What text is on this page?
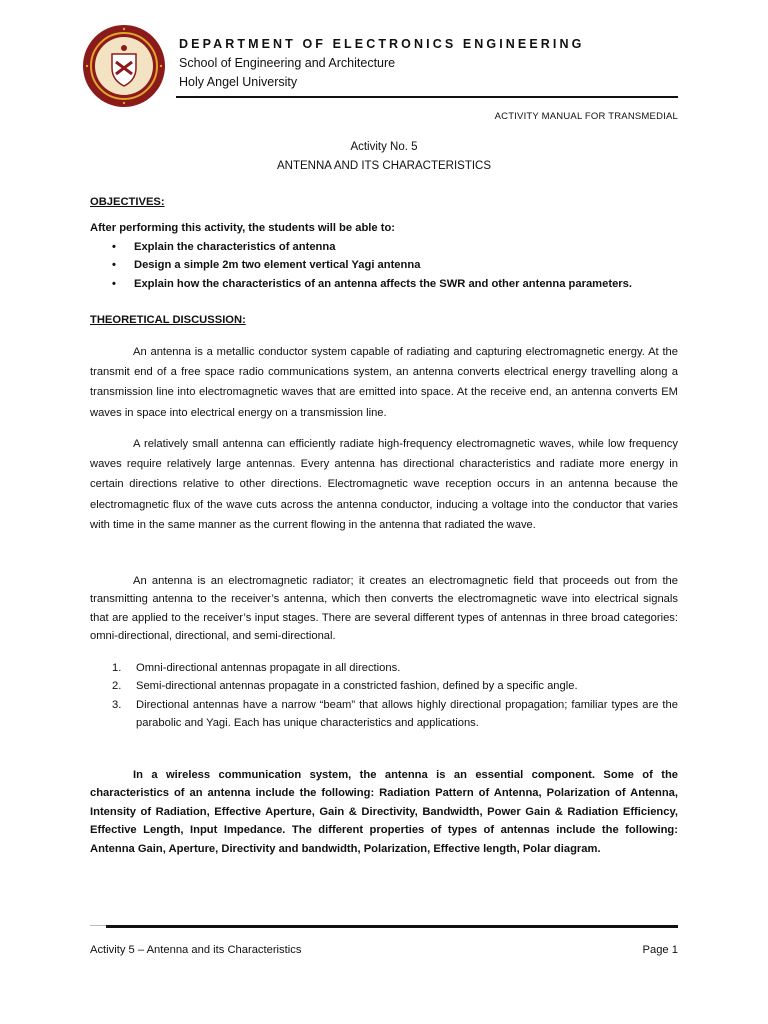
DEPARTMENT OF ELECTRONICS ENGINEERING
School of Engineering and Architecture
Holy Angel University
ACTIVITY MANUAL FOR TRANSMEDIAL
Activity No. 5
ANTENNA AND ITS CHARACTERISTICS
OBJECTIVES:
After performing this activity, the students will be able to:
• Explain the characteristics of antenna
• Design a simple 2m two element vertical Yagi antenna
• Explain how the characteristics of an antenna affects the SWR and other antenna parameters.
THEORETICAL DISCUSSION:
An antenna is a metallic conductor system capable of radiating and capturing electromagnetic energy. At the transmit end of a free space radio communications system, an antenna converts electrical energy travelling along a transmission line into electromagnetic waves that are emitted into space. At the receive end, an antenna converts EM waves in space into electrical energy on a transmission line.
A relatively small antenna can efficiently radiate high-frequency electromagnetic waves, while low frequency waves require relatively large antennas. Every antenna has directional characteristics and radiate more energy in certain directions relative to other directions. Electromagnetic wave reception occurs in an antenna because the electromagnetic flux of the wave cuts across the antenna conductor, inducing a voltage into the conductor that varies with time in the same manner as the current flowing in the antenna that radiated the wave.
An antenna is an electromagnetic radiator; it creates an electromagnetic field that proceeds out from the transmitting antenna to the receiver’s antenna, which then converts the electromagnetic wave into electrical signals that are applied to the receiver’s input stages. There are several different types of antennas in three broad categories: omni-directional, directional, and semi-directional.
1. Omni-directional antennas propagate in all directions.
2. Semi-directional antennas propagate in a constricted fashion, defined by a specific angle.
3. Directional antennas have a narrow “beam” that allows highly directional propagation; familiar types are the parabolic and Yagi. Each has unique characteristics and applications.
In a wireless communication system, the antenna is an essential component. Some of the characteristics of an antenna include the following: Radiation Pattern of Antenna, Polarization of Antenna, Intensity of Radiation, Effective Aperture, Gain & Directivity, Bandwidth, Power Gain & Radiation Efficiency, Effective Length, Input Impedance. The different properties of types of antennas include the following: Antenna Gain, Aperture, Directivity and bandwidth, Polarization, Effective length, Polar diagram.
Activity 5 – Antenna and its Characteristics	Page 1
